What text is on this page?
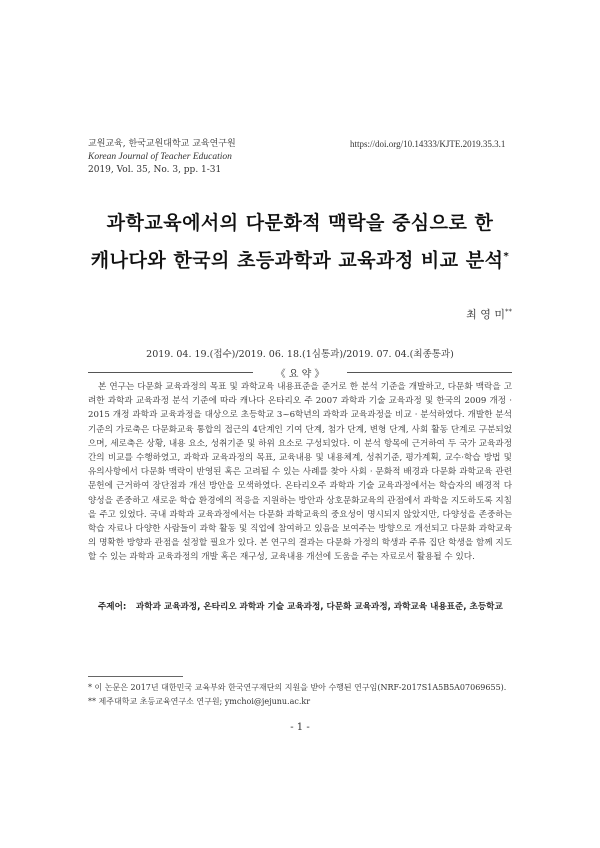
교원교육, 한국교원대학교 교육연구원
Korean Journal of Teacher Education
2019, Vol. 35, No. 3, pp. 1-31
https://doi.org/10.14333/KJTE.2019.35.3.1
과학교육에서의 다문화적 맥락을 중심으로 한
캐나다와 한국의 초등과학과 교육과정 비교 분석*
최 영 미**
2019. 04. 19.(접수)/2019. 06. 18.(1심통과)/2019. 07. 04.(최종통과)
《 요 약 》

본 연구는 다문화 교육과정의 목표 및 과학교육 내용표준을 준거로 한 분석 기준을 개발하고, 다문화 맥락을 고려한 과학과 교육과정 분석 기준에 따라 캐나다 온타리오 주 2007 과학과 기술 교육과정 및 한국의 2009 개정 · 2015 개정 과학과 교육과정을 대상으로 초등학교 3~6학년의 과학과 교육과정을 비교 · 분석하였다. 개발한 분석 기준의 가로축은 다문화교육 통합의 접근의 4단계인 기여 단계, 첨가 단계, 변형 단계, 사회 활동 단계로 구분되었으며, 세로축은 상황, 내용 요소, 성취기준 및 하위 요소로 구성되었다. 이 분석 항목에 근거하여 두 국가 교육과정 간의 비교를 수행하였고, 과학과 교육과정의 목표, 교육내용 및 내용체계, 성취기준, 평가계획, 교수·학습 방법 및 유의사항에서 다문화 맥락이 반영된 혹은 고려될 수 있는 사례를 찾아 사회 · 문화적 배경과 다문화 과학교육 관련 문헌에 근거하여 장단점과 개선 방안을 모색하였다. 온타리오주 과학과 기술 교육과정에서는 학습자의 배경적 다양성을 존중하고 새로운 학습 환경에의 적응을 지원하는 방안과 상호문화교육의 관점에서 과학을 지도하도록 지침을 주고 있었다. 국내 과학과 교육과정에서는 다문화 과학교육의 중요성이 명시되지 않았지만, 다양성을 존중하는 학습 자료나 다양한 사람들이 과학 활동 및 직업에 참여하고 있음을 보여주는 방향으로 개선되고 다문화 과학교육의 명확한 방향과 관점을 설정할 필요가 있다. 본 연구의 결과는 다문화 가정의 학생과 주류 집단 학생을 함께 지도할 수 있는 과학과 교육과정의 개발 혹은 재구성, 교육내용 개선에 도움을 주는 자료로서 활용될 수 있다.

주제어: 과학과 교육과정, 온타리오 과학과 기술 교육과정, 다문화 교육과정, 과학교육 내용표준, 초등학교
* 이 논문은 2017년 대한민국 교육부와 한국연구재단의 지원을 받아 수행된 연구임(NRF-2017S1A5B5A07069655).
** 제주대학교 초등교육연구소 연구원; ymchoi@jejunu.ac.kr
- 1 -
